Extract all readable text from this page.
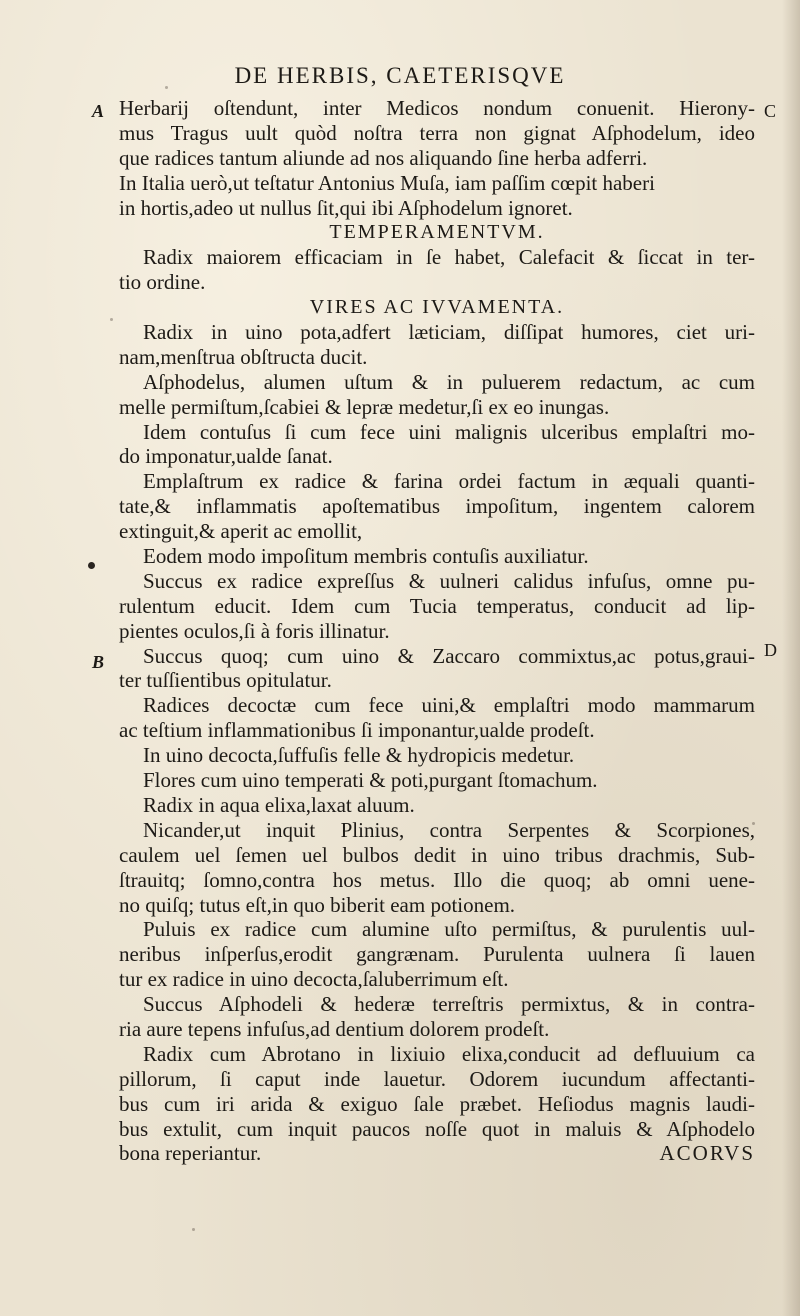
DE HERBIS, CAETERISQVE
A	C
D
B
Herbarij oſtendunt, inter Medicos nondum conuenit. Hierony-
mus Tragus uult quòd noſtra terra non gignat Aſphodelum, ideo
que radices tantum aliunde ad nos aliquando ſine herba adferri.
In Italia uerò,ut teſtatur Antonius Muſa, iam paſſim cœpit haberi
in hortis,adeo ut nullus ſit,qui ibi Aſphodelum ignoret.
TEMPERAMENTVM.
Radix maiorem efficaciam in ſe habet, Calefacit & ſiccat in ter-
tio ordine.
VIRES AC IVVAMENTA.
Radix in uino pota,adfert læticiam, diſſipat humores, ciet uri-
nam,menſtrua obſtructa ducit.
Aſphodelus, alumen uſtum & in puluerem redactum, ac cum
melle permiſtum,ſcabiei & lepræ medetur,ſi ex eo inungas.
Idem contuſus ſi cum fece uini malignis ulceribus emplaſtri mo-
do imponatur,ualde ſanat.
Emplaſtrum ex radice & farina ordei factum in æquali quanti-
tate,& inflammatis apoſtematibus impoſitum, ingentem calorem
extinguit,& aperit ac emollit,
Eodem modo impoſitum membris contuſis auxiliatur.
Succus ex radice expreſſus & uulneri calidus infuſus, omne pu-
rulentum educit. Idem cum Tucia temperatus, conducit ad lip-
pientes oculos,ſi à foris illinatur.
Succus quoq; cum uino & Zaccaro commixtus,ac potus,graui-
ter tuſſientibus opitulatur.
Radices decoctæ cum fece uini,& emplaſtri modo mammarum
ac teſtium inflammationibus ſi imponantur,ualde prodeſt.
In uino decocta,ſuffuſis felle & hydropicis medetur.
Flores cum uino temperati & poti,purgant ſtomachum.
Radix in aqua elixa,laxat aluum.
Nicander,ut inquit Plinius, contra Serpentes & Scorpiones,
caulem uel ſemen uel bulbos dedit in uino tribus drachmis, Sub-
ſtrauitq; ſomno,contra hos metus. Illo die quoq; ab omni uene-
no quiſq; tutus eſt,in quo biberit eam potionem.
Puluis ex radice cum alumine uſto permiſtus, & purulentis uul-
neribus inſperſus,erodit gangrænam. Purulenta uulnera ſi lauen
tur ex radice in uino decocta,ſaluberrimum eſt.
Succus Aſphodeli & hederæ terreſtris permixtus, & in contra-
ria aure tepens infuſus,ad dentium dolorem prodeſt.
Radix cum Abrotano in lixiuio elixa,conducit ad defluuium ca
pillorum, ſi caput inde lauetur. Odorem iucundum affectanti-
bus cum iri arida & exiguo ſale præbet. Heſiodus magnis laudi-
bus extulit, cum inquit paucos noſſe quot in maluis & Aſphodelo
bona reperiantur.	ACORVS
